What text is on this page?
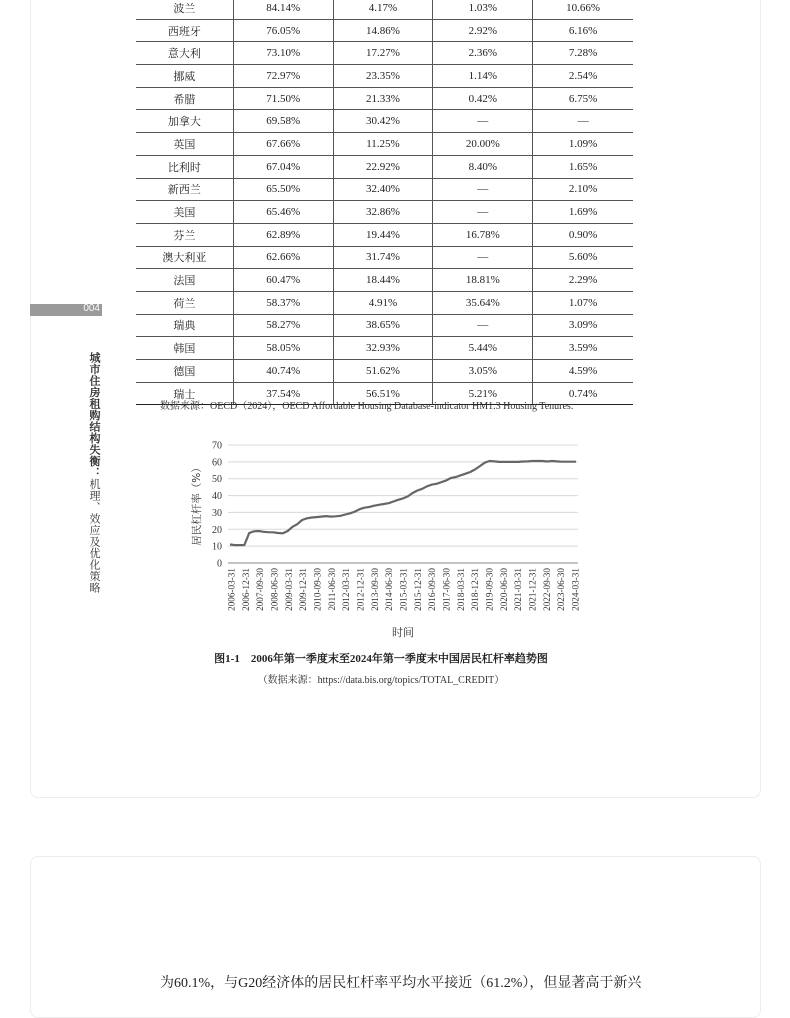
波兰	84.14%	4.17%	1.03%	10.66%
西班牙	76.05%	14.86%	2.92%	6.16%
意大利	73.10%	17.27%	2.36%	7.28%
挪威	72.97%	23.35%	1.14%	2.54%
希腊	71.50%	21.33%	0.42%	6.75%
加拿大	69.58%	30.42%	—	—
英国	67.66%	11.25%	20.00%	1.09%
比利时	67.04%	22.92%	8.40%	1.65%
新西兰	65.50%	32.40%	—	2.10%
美国	65.46%	32.86%	—	1.69%
芬兰	62.89%	19.44%	16.78%	0.90%
澳大利亚	62.66%	31.74%	—	5.60%
法国	60.47%	18.44%	18.81%	2.29%
荷兰	58.37%	4.91%	35.64%	1.07%
瑞典	58.27%	38.65%	—	3.09%
韩国	58.05%	32.93%	5.44%	3.59%
德国	40.74%	51.62%	3.05%	4.59%
瑞士	37.54%	56.51%	5.21%	0.74%
数据来源：OECD（2024），OECD Affordable Housing Database-indicator HM1.3 Housing Tenures.
004
城市住房租购结构失衡：机理、效应及优化策略	0
10
20
30
40
50
60
70
2006-03-31 2006-12-31 2007-09-30 2008-06-30 2009-03-31 2009-12-31 2010-09-30 2011-06-30 2012-03-31 2012-12-31 2013-09-30 2014-06-30 2015-03-31 2015-12-31 2016-09-30 2017-06-30 2018-03-31 2018-12-31 2019-09-30 2020-06-30 2021-03-31 2021-12-31 2022-09-30 2023-06-30 2024-03-31
时间
居民杠杆率（%）
图1-1　2006年第一季度末至2024年第一季度末中国居民杠杆率趋势图
（数据来源：https://data.bis.org/topics/TOTAL_CREDIT）
为60.1%，与G20经济体的居民杠杆率平均水平接近（61.2%），但显著高于新兴
